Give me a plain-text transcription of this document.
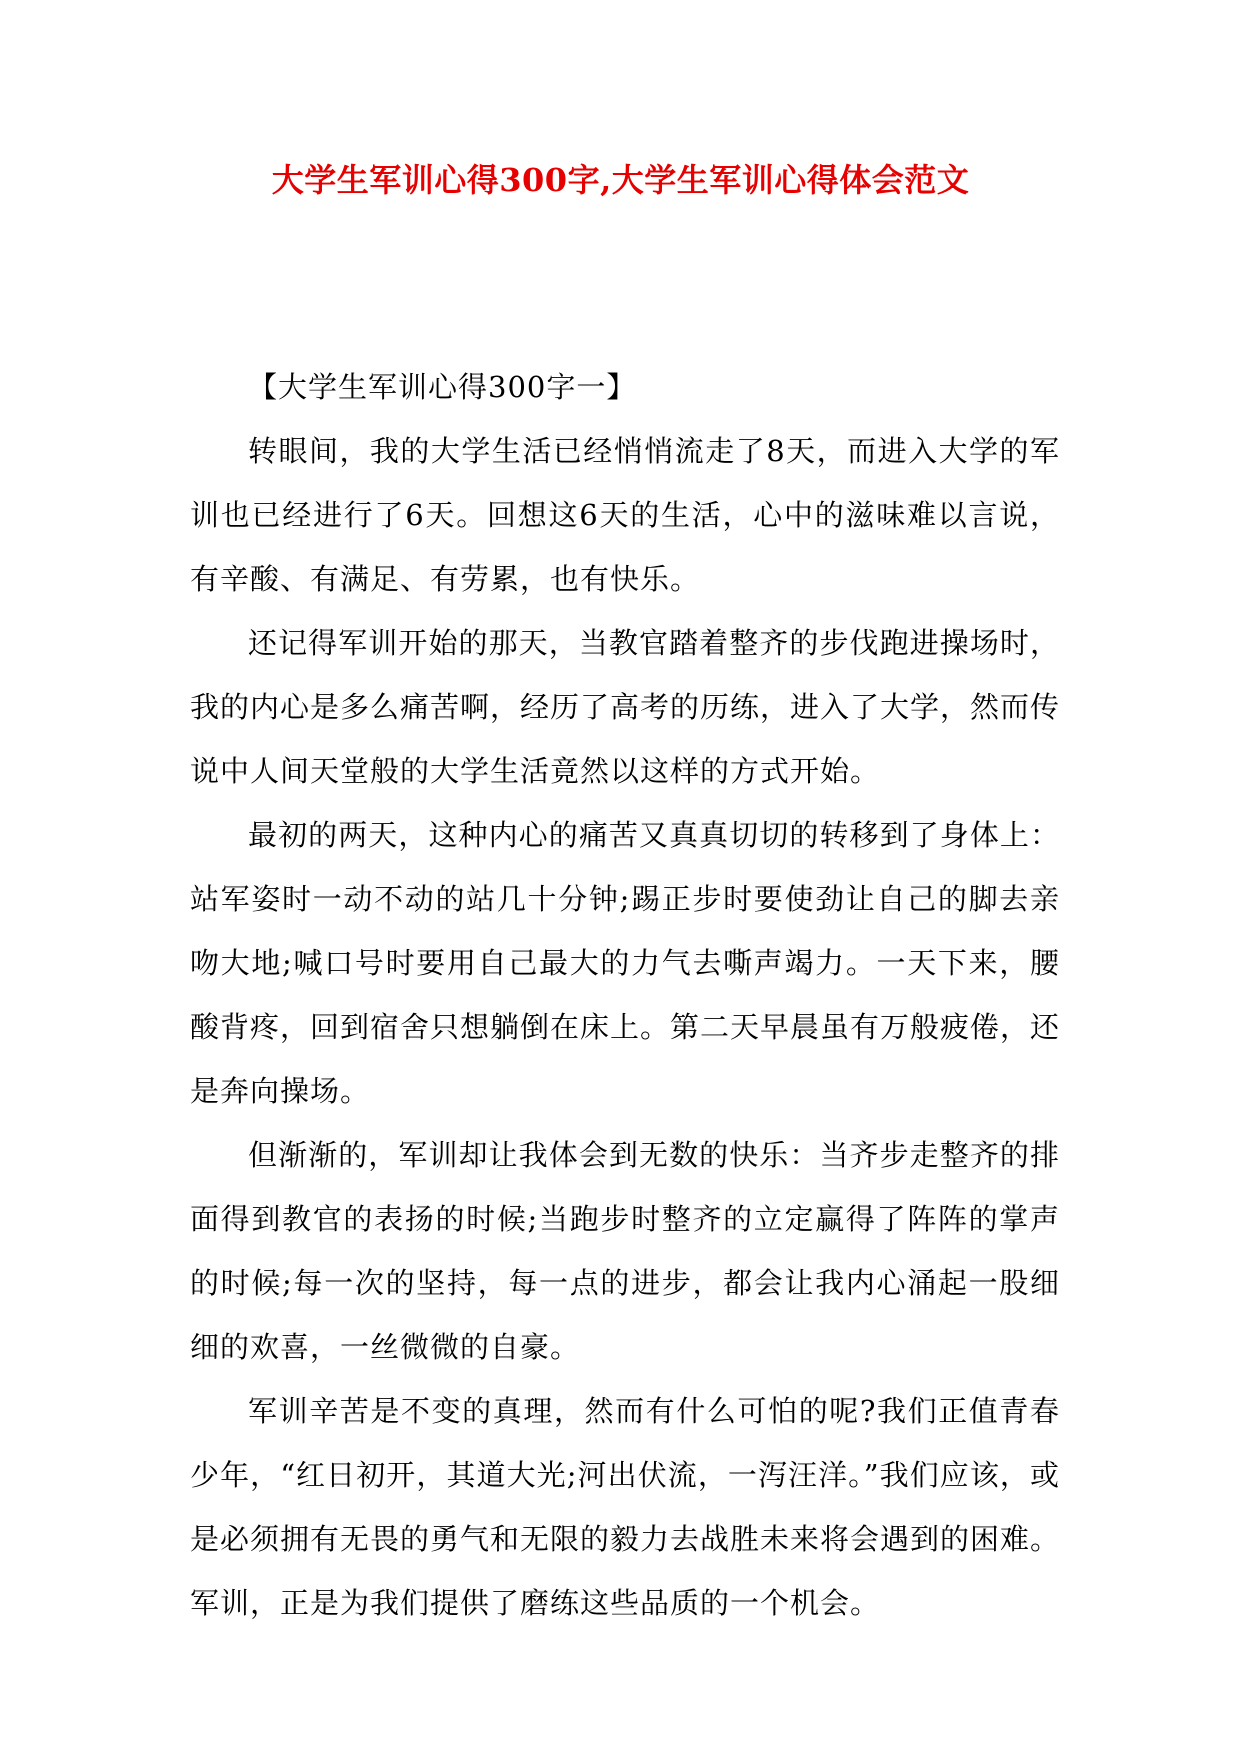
大学生军训心得300字,大学生军训心得体会范文

【大学生军训心得300字一】

转眼间，我的大学生活已经悄悄流走了8天，而进入大学的军训也已经进行了6天。回想这6天的生活，心中的滋味难以言说，有辛酸、有满足、有劳累，也有快乐。

还记得军训开始的那天，当教官踏着整齐的步伐跑进操场时，我的内心是多么痛苦啊，经历了高考的历练，进入了大学，然而传说中人间天堂般的大学生活竟然以这样的方式开始。

最初的两天，这种内心的痛苦又真真切切的转移到了身体上：站军姿时一动不动的站几十分钟;踢正步时要使劲让自己的脚去亲吻大地;喊口号时要用自己最大的力气去嘶声竭力。一天下来，腰酸背疼，回到宿舍只想躺倒在床上。第二天早晨虽有万般疲倦，还是奔向操场。

但渐渐的，军训却让我体会到无数的快乐：当齐步走整齐的排面得到教官的表扬的时候;当跑步时整齐的立定赢得了阵阵的掌声的时候;每一次的坚持，每一点的进步，都会让我内心涌起一股细细的欢喜，一丝微微的自豪。

军训辛苦是不变的真理，然而有什么可怕的呢?我们正值青春少年，“红日初开，其道大光;河出伏流，一泻汪洋。”我们应该，或是必须拥有无畏的勇气和无限的毅力去战胜未来将会遇到的困难。军训，正是为我们提供了磨练这些品质的一个机会。
